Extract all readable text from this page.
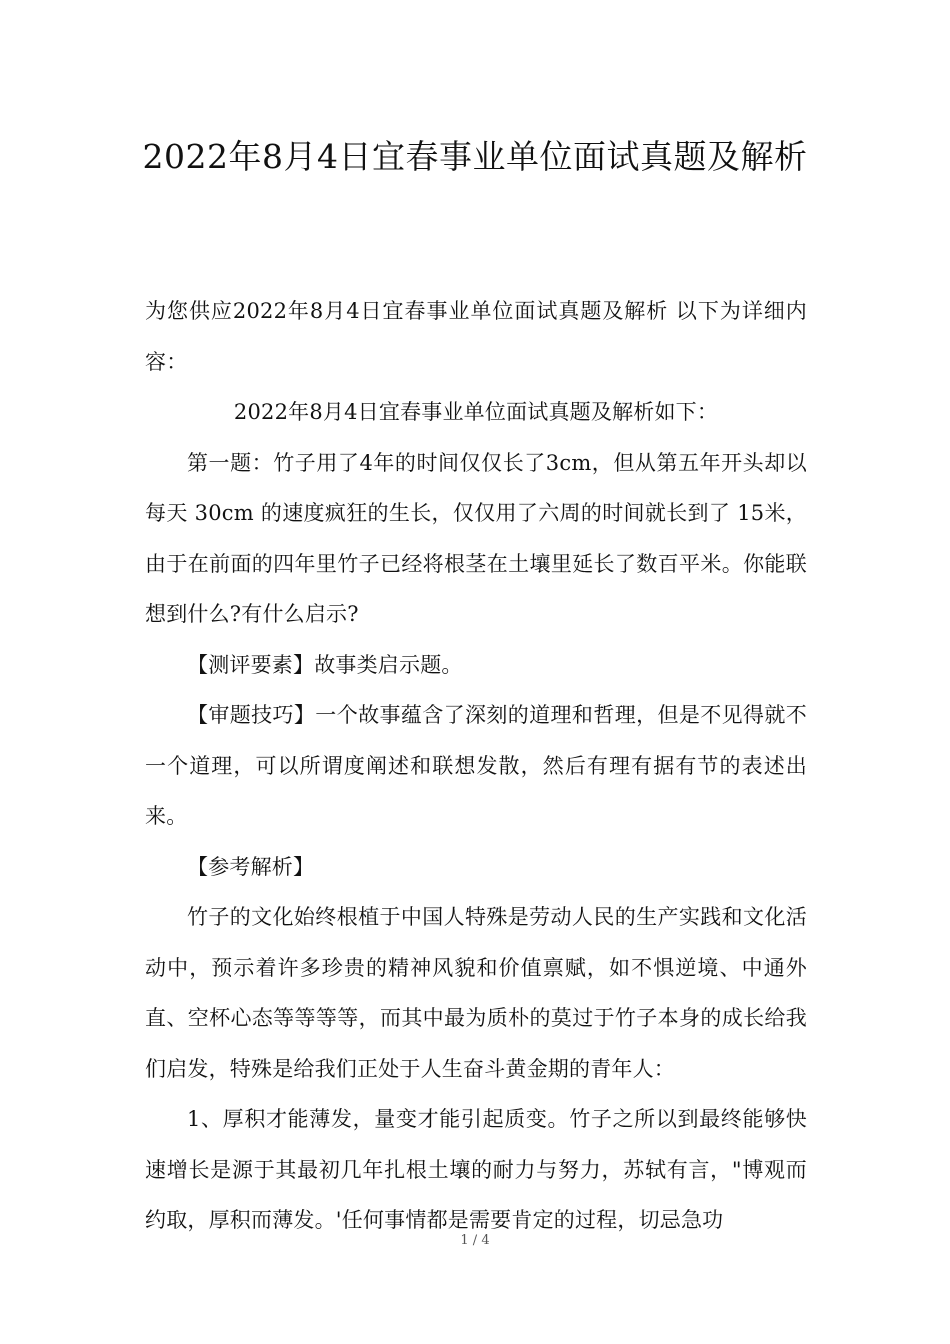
2022年8月4日宜春事业单位面试真题及解析

为您供应2022年8月4日宜春事业单位面试真题及解析 以下为详细内容：

2022年8月4日宜春事业单位面试真题及解析如下：

第一题：竹子用了4年的时间仅仅长了3cm，但从第五年开头却以每天 30cm 的速度疯狂的生长，仅仅用了六周的时间就长到了 15米，由于在前面的四年里竹子已经将根茎在土壤里延长了数百平米。你能联想到什么?有什么启示?

【测评要素】故事类启示题。

【审题技巧】一个故事蕴含了深刻的道理和哲理，但是不见得就不一个道理，可以所谓度阐述和联想发散，然后有理有据有节的表述出来。

【参考解析】

竹子的文化始终根植于中国人特殊是劳动人民的生产实践和文化活动中，预示着许多珍贵的精神风貌和价值禀赋，如不惧逆境、中通外直、空杯心态等等等等，而其中最为质朴的莫过于竹子本身的成长给我们启发，特殊是给我们正处于人生奋斗黄金期的青年人：

1、厚积才能薄发，量变才能引起质变。竹子之所以到最终能够快速增长是源于其最初几年扎根土壤的耐力与努力，苏轼有言，"博观而约取，厚积而薄发。'任何事情都是需要肯定的过程，切忌急功

1 / 4
